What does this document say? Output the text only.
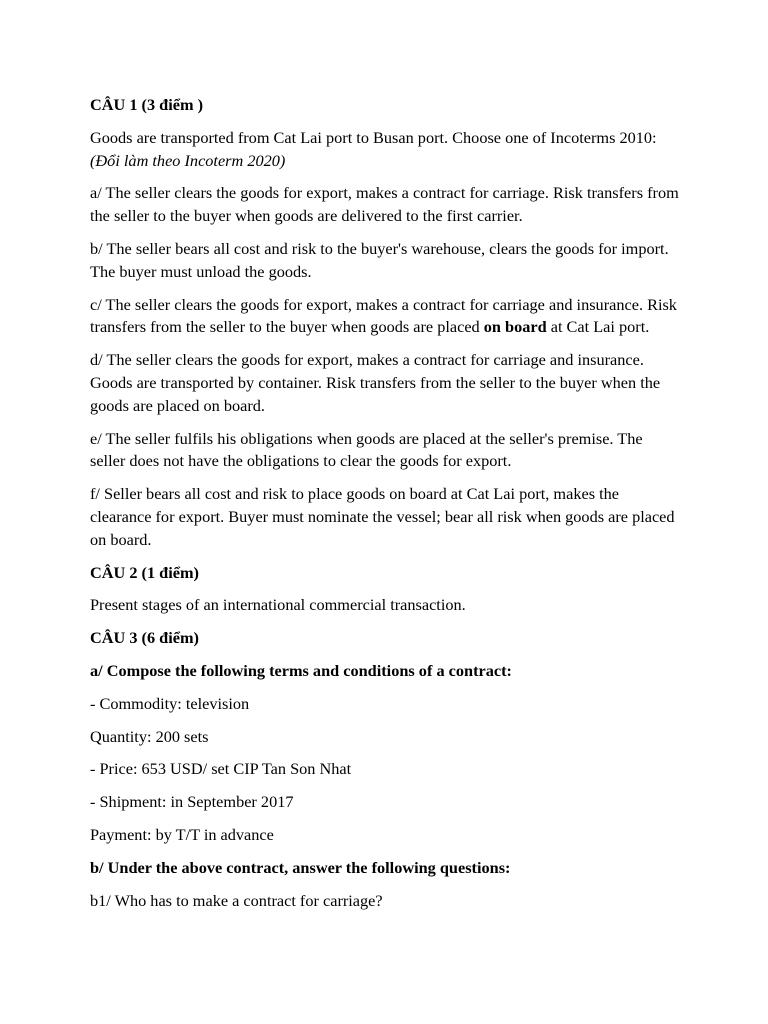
CÂU 1 (3 điểm )

Goods are transported from Cat Lai port to Busan port. Choose one of Incoterms 2010: (Đổi làm theo Incoterm 2020)

a/ The seller clears the goods for export, makes a contract for carriage. Risk transfers from the seller to the buyer when goods are delivered to the first carrier.

b/ The seller bears all cost and risk to the buyer's warehouse, clears the goods for import. The buyer must unload the goods.

c/ The seller clears the goods for export, makes a contract for carriage and insurance. Risk transfers from the seller to the buyer when goods are placed on board at Cat Lai port.

d/ The seller clears the goods for export, makes a contract for carriage and insurance. Goods are transported by container. Risk transfers from the seller to the buyer when the goods are placed on board.

e/ The seller fulfils his obligations when goods are placed at the seller's premise. The seller does not have the obligations to clear the goods for export.

f/ Seller bears all cost and risk to place goods on board at Cat Lai port, makes the clearance for export. Buyer must nominate the vessel; bear all risk when goods are placed on board.

CÂU 2 (1 điểm)

Present stages of an international commercial transaction.

CÂU 3 (6 điểm)

a/ Compose the following terms and conditions of a contract:

- Commodity: television

Quantity: 200 sets

- Price: 653 USD/ set CIP Tan Son Nhat

- Shipment: in September 2017

Payment: by T/T in advance

b/ Under the above contract, answer the following questions:

b1/ Who has to make a contract for carriage?
